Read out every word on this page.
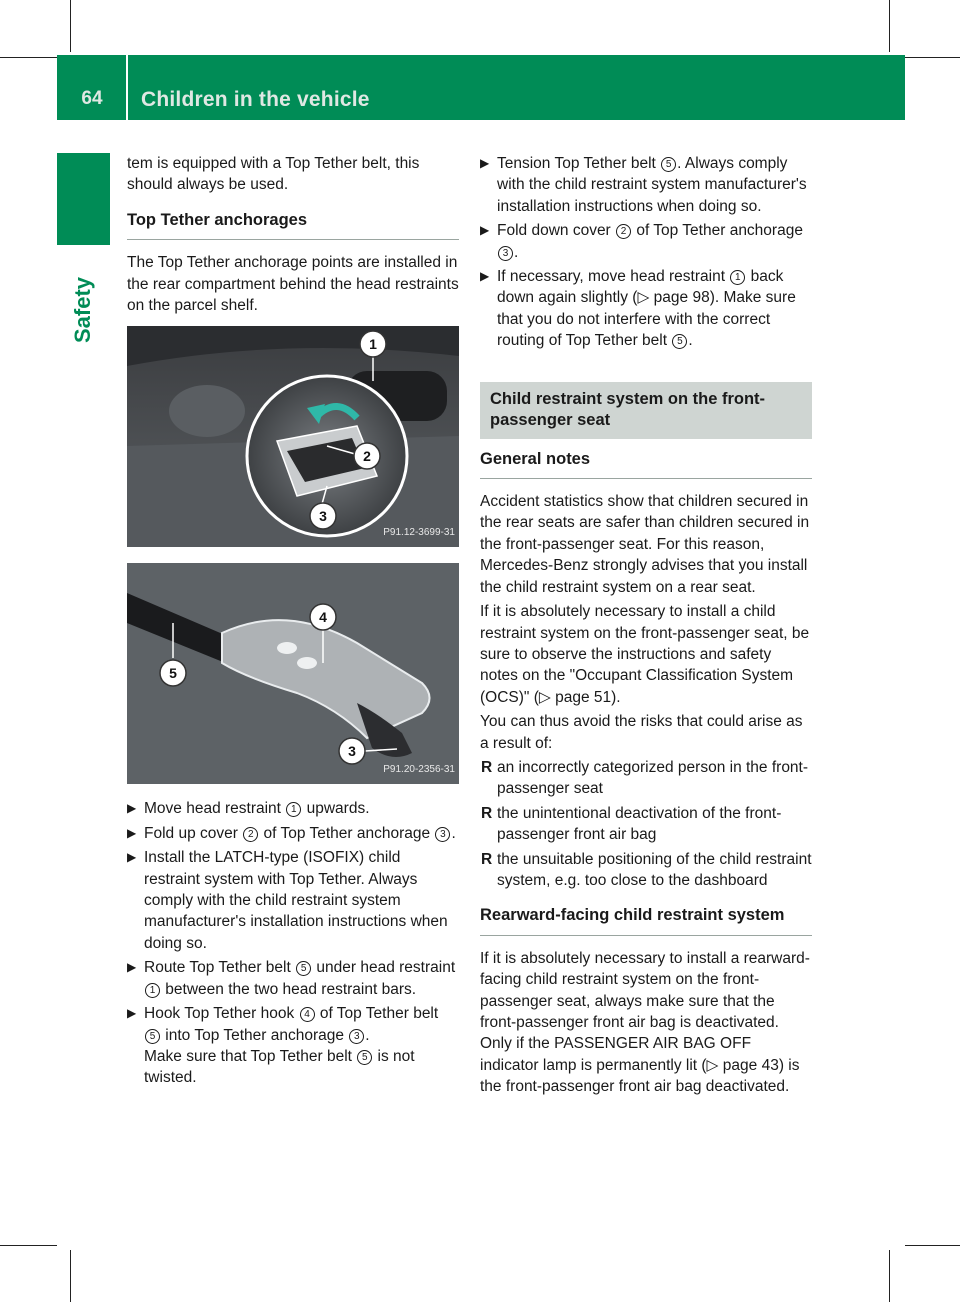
64	Children in the vehicle
Safety

tem is equipped with a Top Tether belt, this should always be used.

Top Tether anchorages

The Top Tether anchorage points are installed in the rear compartment behind the head restraints on the parcel shelf.

1
2
3
P91.12-3699-31
4
5
3
P91.20-2356-31
▶ Move head restraint 1 upwards.
▶ Fold up cover 2 of Top Tether anchorage 3 .
▶ Install the LATCH-type (ISOFIX) child restraint system with Top Tether. Always comply with the child restraint system manufacturer's installation instructions when doing so.
▶ Route Top Tether belt 5 under head restraint 1 between the two head restraint bars.
▶ Hook Top Tether hook 4 of Top Tether belt 5 into Top Tether anchorage 3 .
Make sure that Top Tether belt 5 is not twisted.
▶ Tension Top Tether belt 5 . Always comply with the child restraint system manufacturer's installation instructions when doing so.
▶ Fold down cover 2 of Top Tether anchorage 3 .
▶ If necessary, move head restraint 1 back down again slightly (▷ page 98). Make sure that you do not interfere with the correct routing of Top Tether belt 5 .
Child restraint system on the front-passenger seat
General notes

Accident statistics show that children secured in the rear seats are safer than children secured in the front-passenger seat. For this reason, Mercedes-Benz strongly advises that you install the child restraint system on a rear seat.

If it is absolutely necessary to install a child restraint system on the front-passenger seat, be sure to observe the instructions and safety notes on the "Occupant Classification System (OCS)" (▷ page 51).

You can thus avoid the risks that could arise as a result of:

R an incorrectly categorized person in the front-passenger seat
R the unintentional deactivation of the front-passenger front air bag
R the unsuitable positioning of the child restraint system, e.g. too close to the dashboard
Rearward-facing child restraint system

If it is absolutely necessary to install a rearward-facing child restraint system on the front-passenger seat, always make sure that the front-passenger front air bag is deactivated. Only if the PASSENGER AIR BAG OFF indicator lamp is permanently lit (▷ page 43) is the front-passenger front air bag deactivated.
